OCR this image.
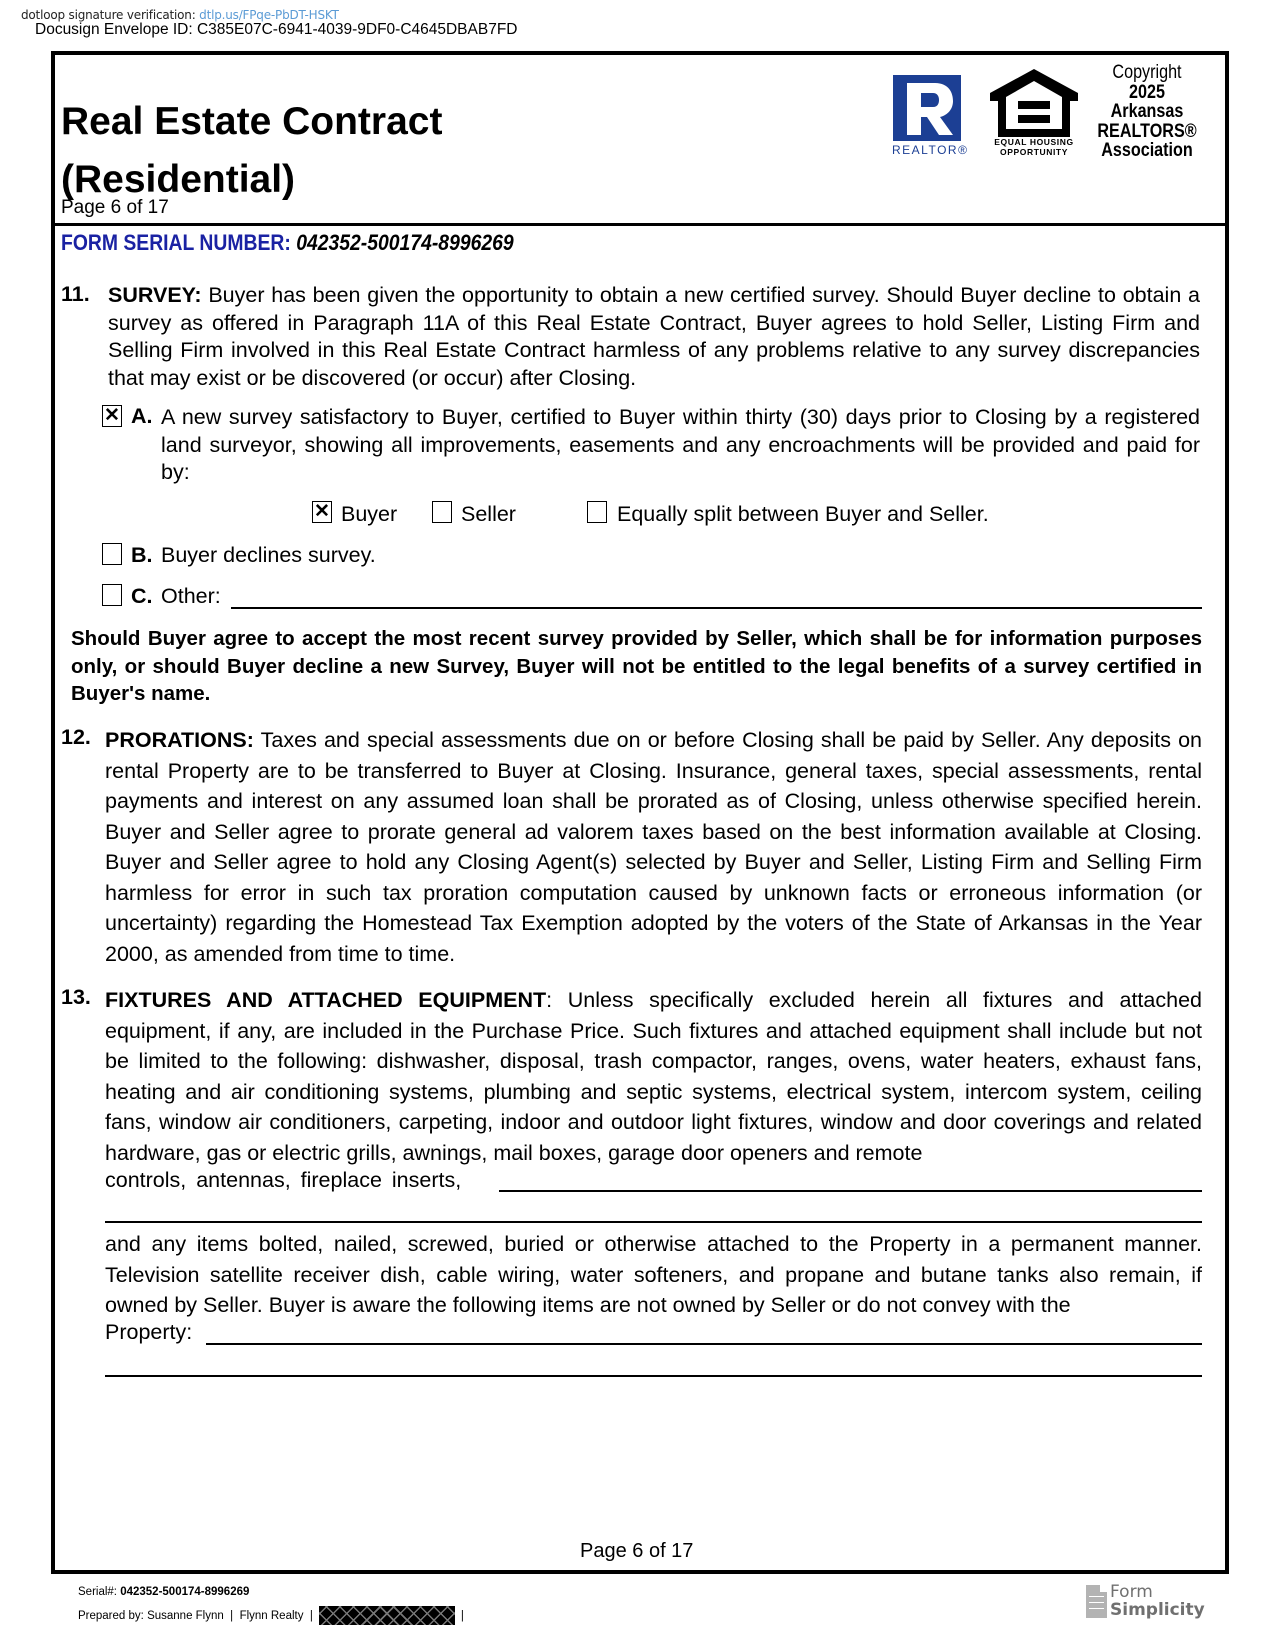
dotloop signature verification: dtlp.us/FPqe-PbDT-HSKT
Docusign Envelope ID: C385E07C-6941-4039-9DF0-C4645DBAB7FD
Real Estate Contract
(Residential)
Page 6 of 17
REALTOR®
EQUAL HOUSING
OPPORTUNITY
Copyright
2025
Arkansas
REALTORS®
Association
FORM SERIAL NUMBER: 042352-500174-8996269
11. SURVEY: Buyer has been given the opportunity to obtain a new certified survey. Should Buyer decline to obtain a survey as offered in Paragraph 11A of this Real Estate Contract, Buyer agrees to hold Seller, Listing Firm and Selling Firm involved in this Real Estate Contract harmless of any problems relative to any survey discrepancies that may exist or be discovered (or occur) after Closing.
✕ A. A new survey satisfactory to Buyer, certified to Buyer within thirty (30) days prior to Closing by a registered land surveyor, showing all improvements, easements and any encroachments will be provided and paid for by:
✕ Buyer	Seller	Equally split between Buyer and Seller.
B. Buyer declines survey.
C. Other:
Should Buyer agree to accept the most recent survey provided by Seller, which shall be for information purposes only, or should Buyer decline a new Survey, Buyer will not be entitled to the legal benefits of a survey certified in Buyer's name.
12. PRORATIONS: Taxes and special assessments due on or before Closing shall be paid by Seller. Any deposits on rental Property are to be transferred to Buyer at Closing. Insurance, general taxes, special assessments, rental payments and interest on any assumed loan shall be prorated as of Closing, unless otherwise specified herein. Buyer and Seller agree to prorate general ad valorem taxes based on the best information available at Closing. Buyer and Seller agree to hold any Closing Agent(s) selected by Buyer and Seller, Listing Firm and Selling Firm harmless for error in such tax proration computation caused by unknown facts or erroneous information (or uncertainty) regarding the Homestead Tax Exemption adopted by the voters of the State of Arkansas in the Year 2000, as amended from time to time.
13. FIXTURES AND ATTACHED EQUIPMENT: Unless specifically excluded herein all fixtures and attached equipment, if any, are included in the Purchase Price. Such fixtures and attached equipment shall include but not be limited to the following: dishwasher, disposal, trash compactor, ranges, ovens, water heaters, exhaust fans, heating and air conditioning systems, plumbing and septic systems, electrical system, intercom system, ceiling fans, window air conditioners, carpeting, indoor and outdoor light fixtures, window and door coverings and related hardware, gas or electric grills, awnings, mail boxes, garage door openers and remote
controls, antennas, fireplace inserts,
and any items bolted, nailed, screwed, buried or otherwise attached to the Property in a permanent manner. Television satellite receiver dish, cable wiring, water softeners, and propane and butane tanks also remain, if owned by Seller. Buyer is aware the following items are not owned by Seller or do not convey with the
Property:
Page 6 of 17
Serial#: 042352-500174-8996269
Prepared by:
Susanne Flynn
|
Flynn Realty
|	|
Form
Simplicity
